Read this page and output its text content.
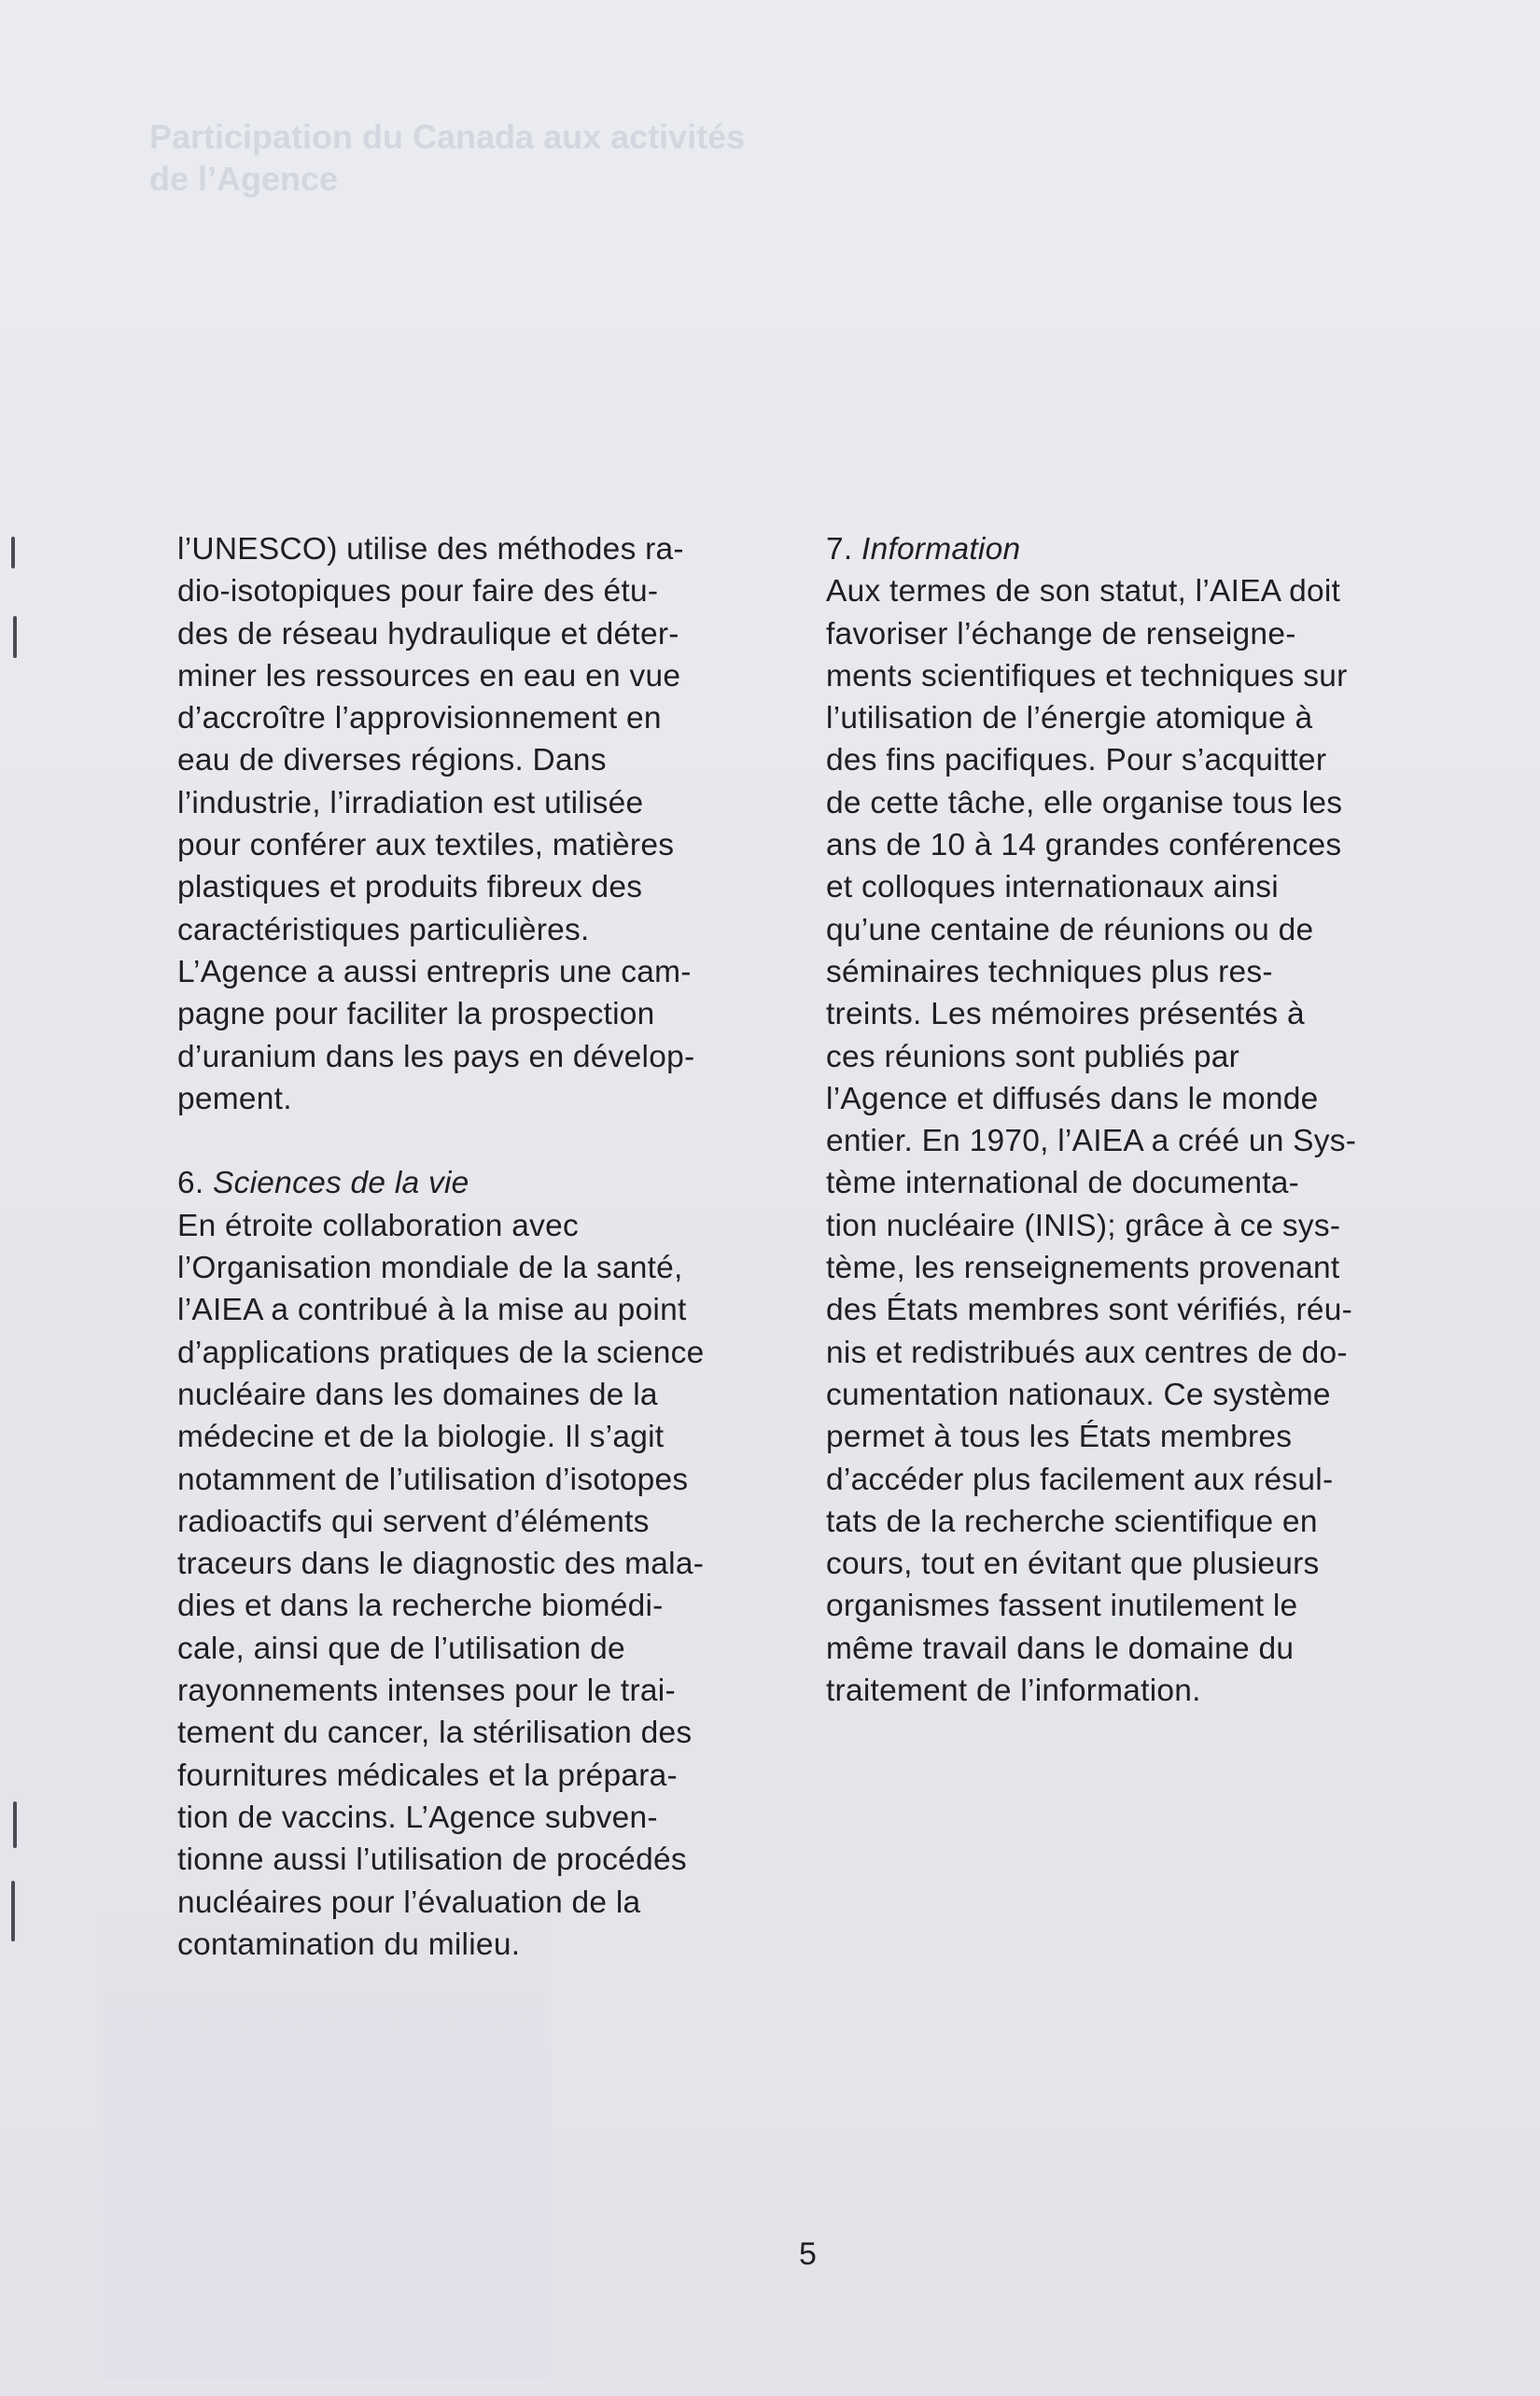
Participation du Canada aux activités
de l’Agence
l’UNESCO) utilise des méthodes ra-
dio-isotopiques pour faire des étu-
des de réseau hydraulique et déter-
miner les ressources en eau en vue
d’accroître l’approvisionnement en
eau de diverses régions. Dans
l’industrie, l’irradiation est utilisée
pour conférer aux textiles, matières
plastiques et produits fibreux des
caractéristiques particulières.
L’Agence a aussi entrepris une cam-
pagne pour faciliter la prospection
d’uranium dans les pays en dévelop-
pement.
6. Sciences de la vie
En étroite collaboration avec
l’Organisation mondiale de la santé,
l’AIEA a contribué à la mise au point
d’applications pratiques de la science
nucléaire dans les domaines de la
médecine et de la biologie. Il s’agit
notamment de l’utilisation d’isotopes
radioactifs qui servent d’éléments
traceurs dans le diagnostic des mala-
dies et dans la recherche biomédi-
cale, ainsi que de l’utilisation de
rayonnements intenses pour le trai-
tement du cancer, la stérilisation des
fournitures médicales et la prépara-
tion de vaccins. L’Agence subven-
tionne aussi l’utilisation de procédés
nucléaires pour l’évaluation de la
contamination du milieu.
7. Information
Aux termes de son statut, l’AIEA doit
favoriser l’échange de renseigne-
ments scientifiques et techniques sur
l’utilisation de l’énergie atomique à
des fins pacifiques. Pour s’acquitter
de cette tâche, elle organise tous les
ans de 10 à 14 grandes conférences
et colloques internationaux ainsi
qu’une centaine de réunions ou de
séminaires techniques plus res-
treints. Les mémoires présentés à
ces réunions sont publiés par
l’Agence et diffusés dans le monde
entier. En 1970, l’AIEA a créé un Sys-
tème international de documenta-
tion nucléaire (INIS); grâce à ce sys-
tème, les renseignements provenant
des États membres sont vérifiés, réu-
nis et redistribués aux centres de do-
cumentation nationaux. Ce système
permet à tous les États membres
d’accéder plus facilement aux résul-
tats de la recherche scientifique en
cours, tout en évitant que plusieurs
organismes fassent inutilement le
même travail dans le domaine du
traitement de l’information.
5
